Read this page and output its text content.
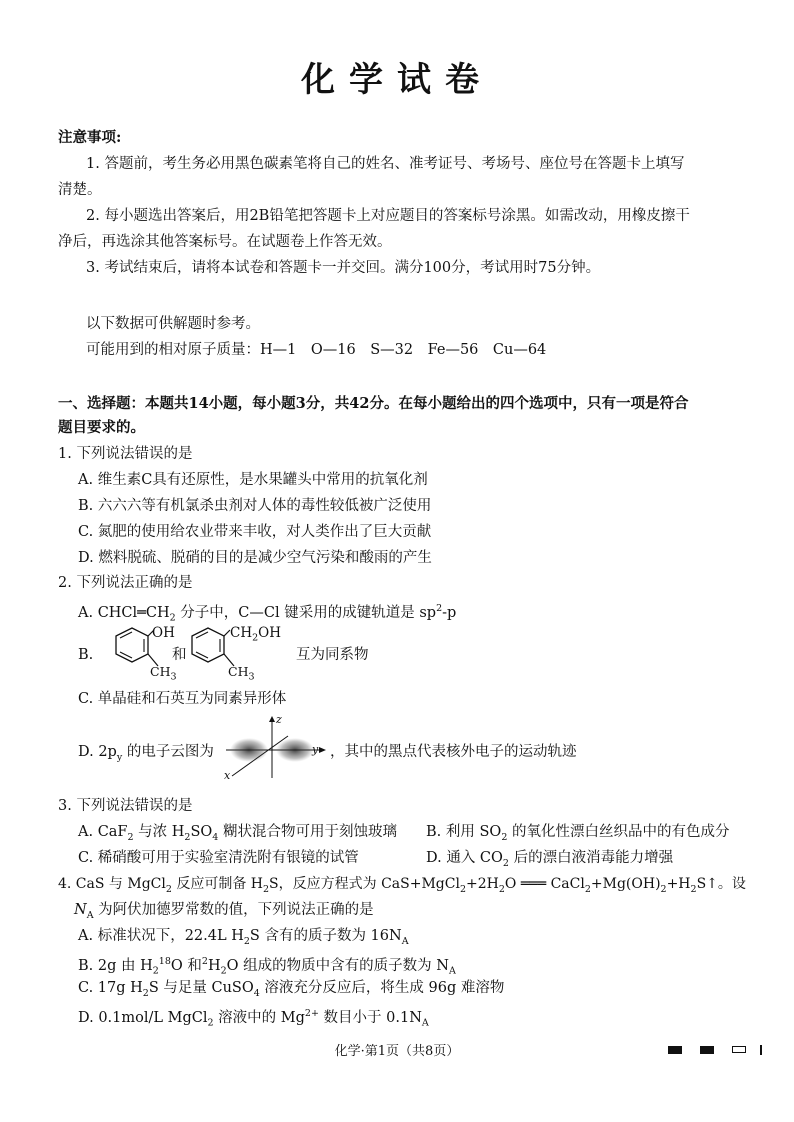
化学试卷
注意事项:
1. 答题前，考生务必用黑色碳素笔将自己的姓名、准考证号、考场号、座位号在答题卡上填写
清楚。
2. 每小题选出答案后，用2B铅笔把答题卡上对应题目的答案标号涂黑。如需改动，用橡皮擦干
净后，再选涂其他答案标号。在试题卷上作答无效。
3. 考试结束后，请将本试卷和答题卡一并交回。满分100分，考试用时75分钟。
以下数据可供解题时参考。
可能用到的相对原子质量：H—1　O—16　S—32　Fe—56　Cu—64
一、选择题：本题共14小题，每小题3分，共42分。在每小题给出的四个选项中，只有一项是符合
题目要求的。
1. 下列说法错误的是
A. 维生素C具有还原性，是水果罐头中常用的抗氧化剂
B. 六六六等有机氯杀虫剂对人体的毒性较低被广泛使用
C. 氮肥的使用给农业带来丰收，对人类作出了巨大贡献
D. 燃料脱硫、脱硝的目的是减少空气污染和酸雨的产生
2. 下列说法正确的是
A. $CHCl═CH_2$ 分子中，C—Cl 键采用的成键轨道是 $sp^2-p$
B.
OH
$CH_3$
和
$CH_2OH$
$CH_3$
互为同系物
C. 单晶硅和石英互为同素异形体
D. $2p_y$ 的电子云图为
z
y
x
，其中的黑点代表核外电子的运动轨迹
3. 下列说法错误的是
A. CaF$_2$ 与浓 $H_2SO_4$ 糊状混合物可用于刻蚀玻璃 B. 利用 $SO_2$ 的氧化性漂白丝织品中的有色成分
C. 稀硝酸可用于实验室清洗附有银镜的试管	D. 通入 $CO_2$ 后的漂白液消毒能力增强
4. CaS 与 MgCl$_2$ 反应可制备 $H_2S$，反应方程式为 $CaS+MgCl_2+2H_2O$ ═══ $CaCl_2+Mg(OH)_2+H_2S↑$。设
$N_A$ 为阿伏加德罗常数的值，下列说法正确的是
A. 标准状况下，22.4L $H_2S$ 含有的质子数为 $16N_A$
B. 2g 由 $H_2^{18}O$ 和$^2H_2O$ 组成的物质中含有的质子数为 $N_A$
C. 17g $H_2S$ 与足量 CuSO$_4$ 溶液充分反应后，将生成 96g 难溶物
D. 0.1mol/L MgCl$_2$ 溶液中的 $Mg^{2+}$ 数目小于 $0.1N_A$
化学·第1页（共8页）
